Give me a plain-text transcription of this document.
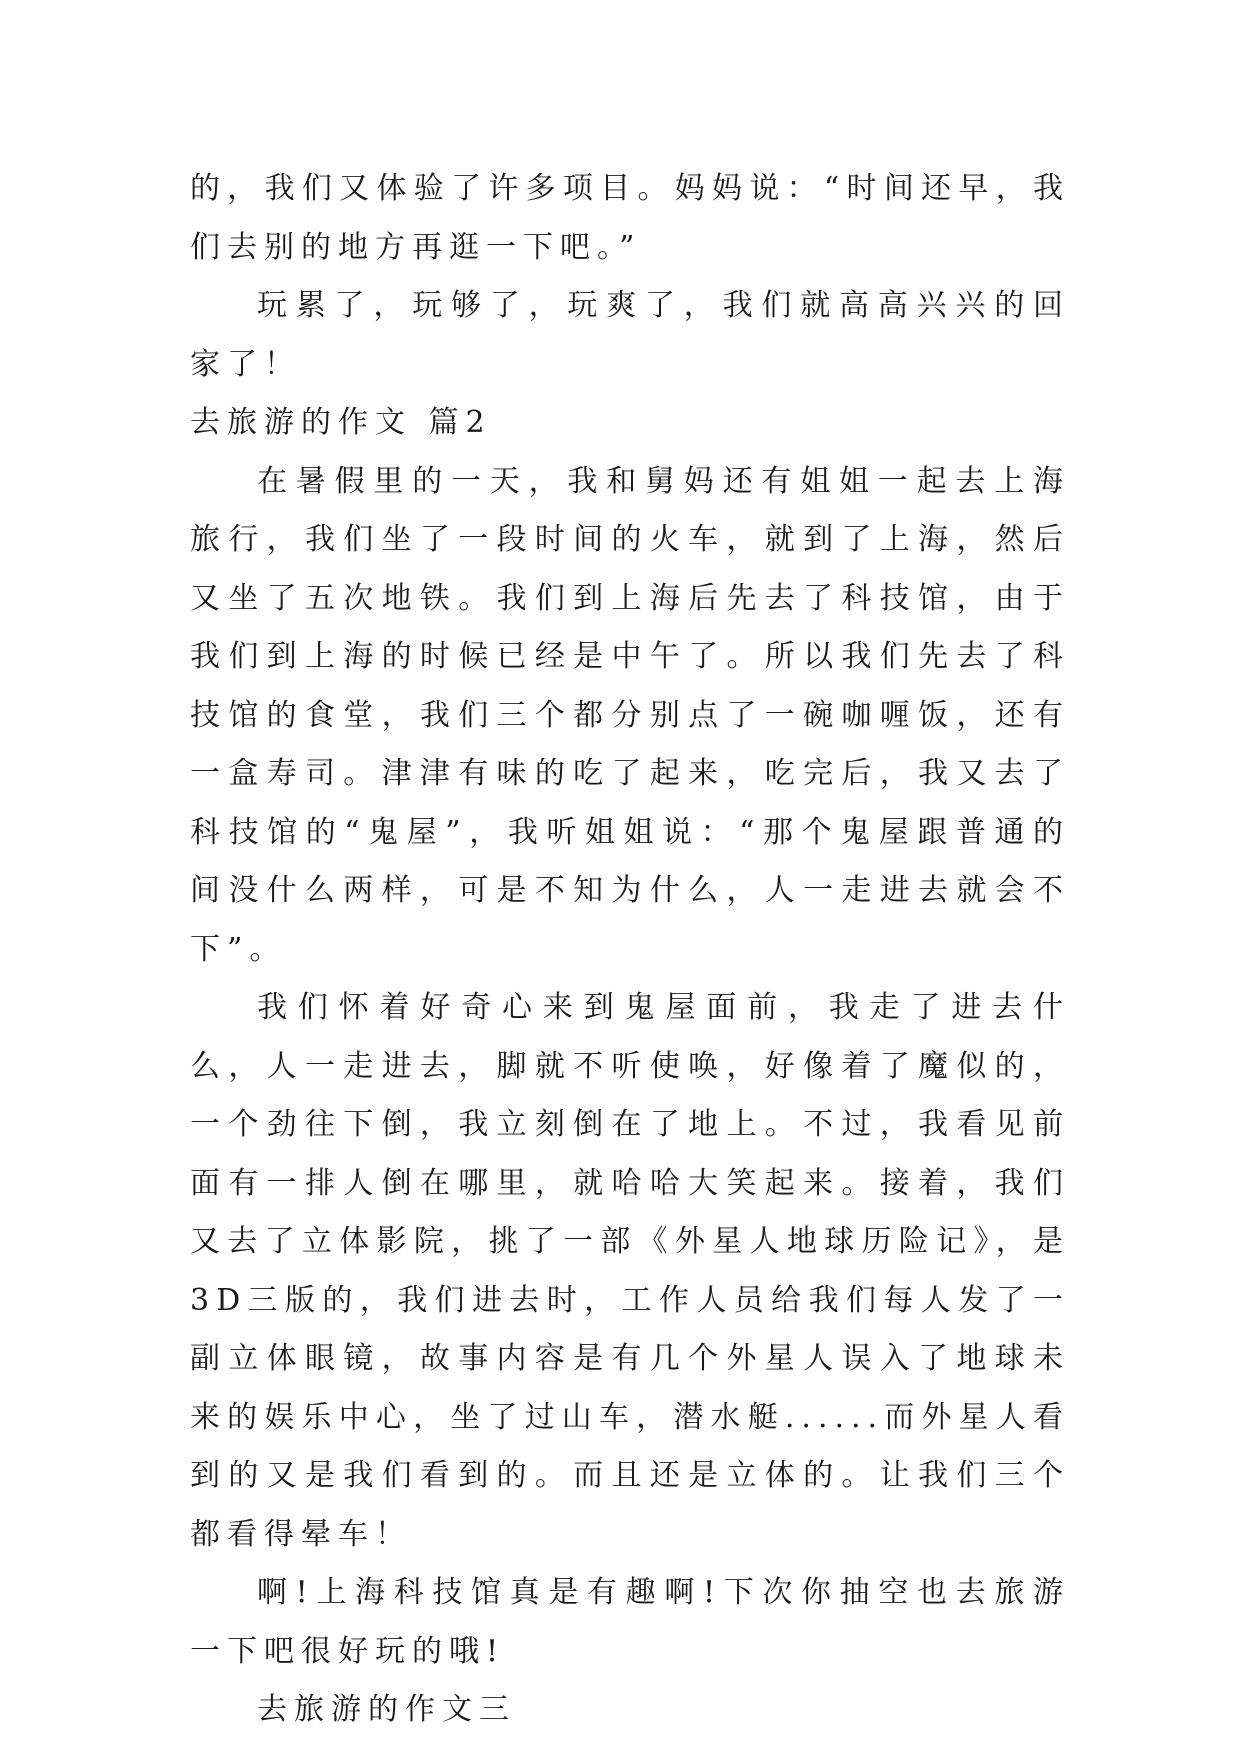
的，我们又体验了许多项目。妈妈说：“时间还早，我们去别的地方再逛一下吧。”

玩累了，玩够了，玩爽了，我们就高高兴兴的回家了！

去旅游的作文 篇2

在暑假里的一天，我和舅妈还有姐姐一起去上海旅行，我们坐了一段时间的火车，就到了上海，然后又坐了五次地铁。我们到上海后先去了科技馆，由于我们到上海的时候已经是中午了。所以我们先去了科技馆的食堂，我们三个都分别点了一碗咖喱饭，还有一盒寿司。津津有味的吃了起来，吃完后，我又去了科技馆的“鬼屋”，我听姐姐说：“那个鬼屋跟普通的间没什么两样，可是不知为什么，人一走进去就会不下”。

我们怀着好奇心来到鬼屋面前，我走了进去什么，人一走进去，脚就不听使唤，好像着了魔似的，一个劲往下倒，我立刻倒在了地上。不过，我看见前面有一排人倒在哪里，就哈哈大笑起来。接着，我们又去了立体影院，挑了一部《外星人地球历险记》，是3D三版的，我们进去时，工作人员给我们每人发了一副立体眼镜，故事内容是有几个外星人误入了地球未来的娱乐中心，坐了过山车，潜水艇......而外星人看到的又是我们看到的。而且还是立体的。让我们三个都看得晕车！

啊!上海科技馆真是有趣啊!下次你抽空也去旅游一下吧很好玩的哦!

去旅游的作文三
